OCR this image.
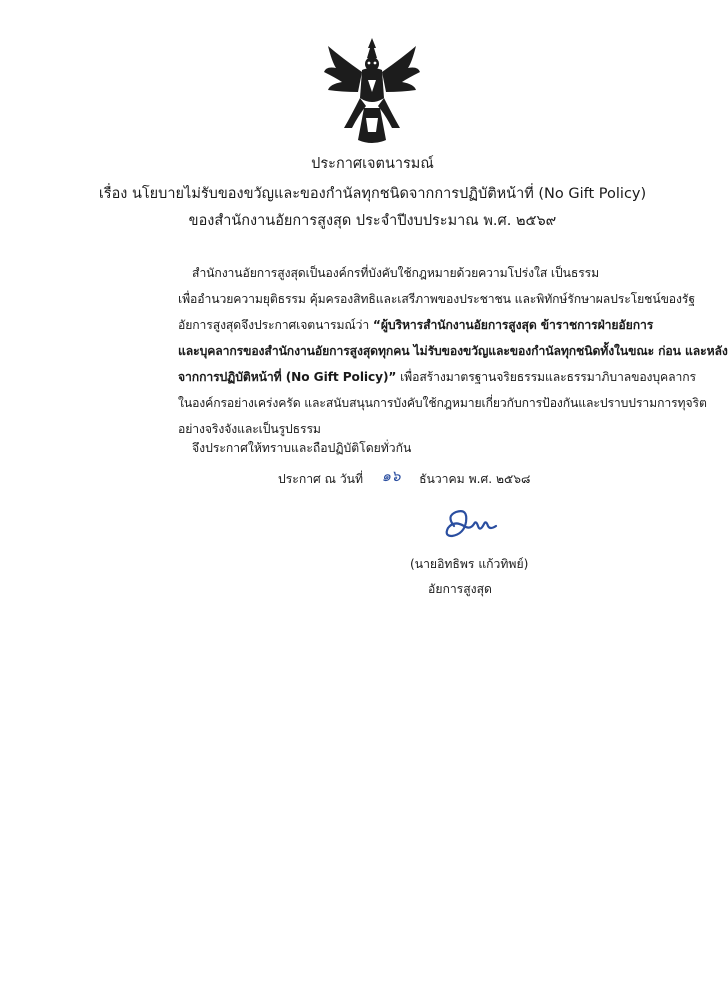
ประกาศเจตนารมณ์
เรื่อง นโยบายไม่รับของขวัญและของกำนัลทุกชนิดจากการปฏิบัติหน้าที่ (No Gift Policy)
ของสำนักงานอัยการสูงสุด ประจำปีงบประมาณ พ.ศ. ๒๕๖๙
สำนักงานอัยการสูงสุดเป็นองค์กรที่บังคับใช้กฎหมายด้วยความโปร่งใส เป็นธรรม
เพื่ออำนวยความยุติธรรม คุ้มครองสิทธิและเสรีภาพของประชาชน และพิทักษ์รักษาผลประโยชน์ของรัฐ
อัยการสูงสุดจึงประกาศเจตนารมณ์ว่า “ผู้บริหารสำนักงานอัยการสูงสุด ข้าราชการฝ่ายอัยการ
และบุคลากรของสำนักงานอัยการสูงสุดทุกคน ไม่รับของขวัญและของกำนัลทุกชนิดทั้งในขณะ ก่อน และหลัง
จากการปฏิบัติหน้าที่ (No Gift Policy)” เพื่อสร้างมาตรฐานจริยธรรมและธรรมาภิบาลของบุคลากร
ในองค์กรอย่างเคร่งครัด และสนับสนุนการบังคับใช้กฎหมายเกี่ยวกับการป้องกันและปราบปรามการทุจริต
อย่างจริงจังและเป็นรูปธรรม
จึงประกาศให้ทราบและถือปฏิบัติโดยทั่วกัน
ประกาศ ณ วันที่ ๑๖ ธันวาคม พ.ศ. ๒๕๖๘
(นายอิทธิพร แก้วทิพย์)
อัยการสูงสุด
